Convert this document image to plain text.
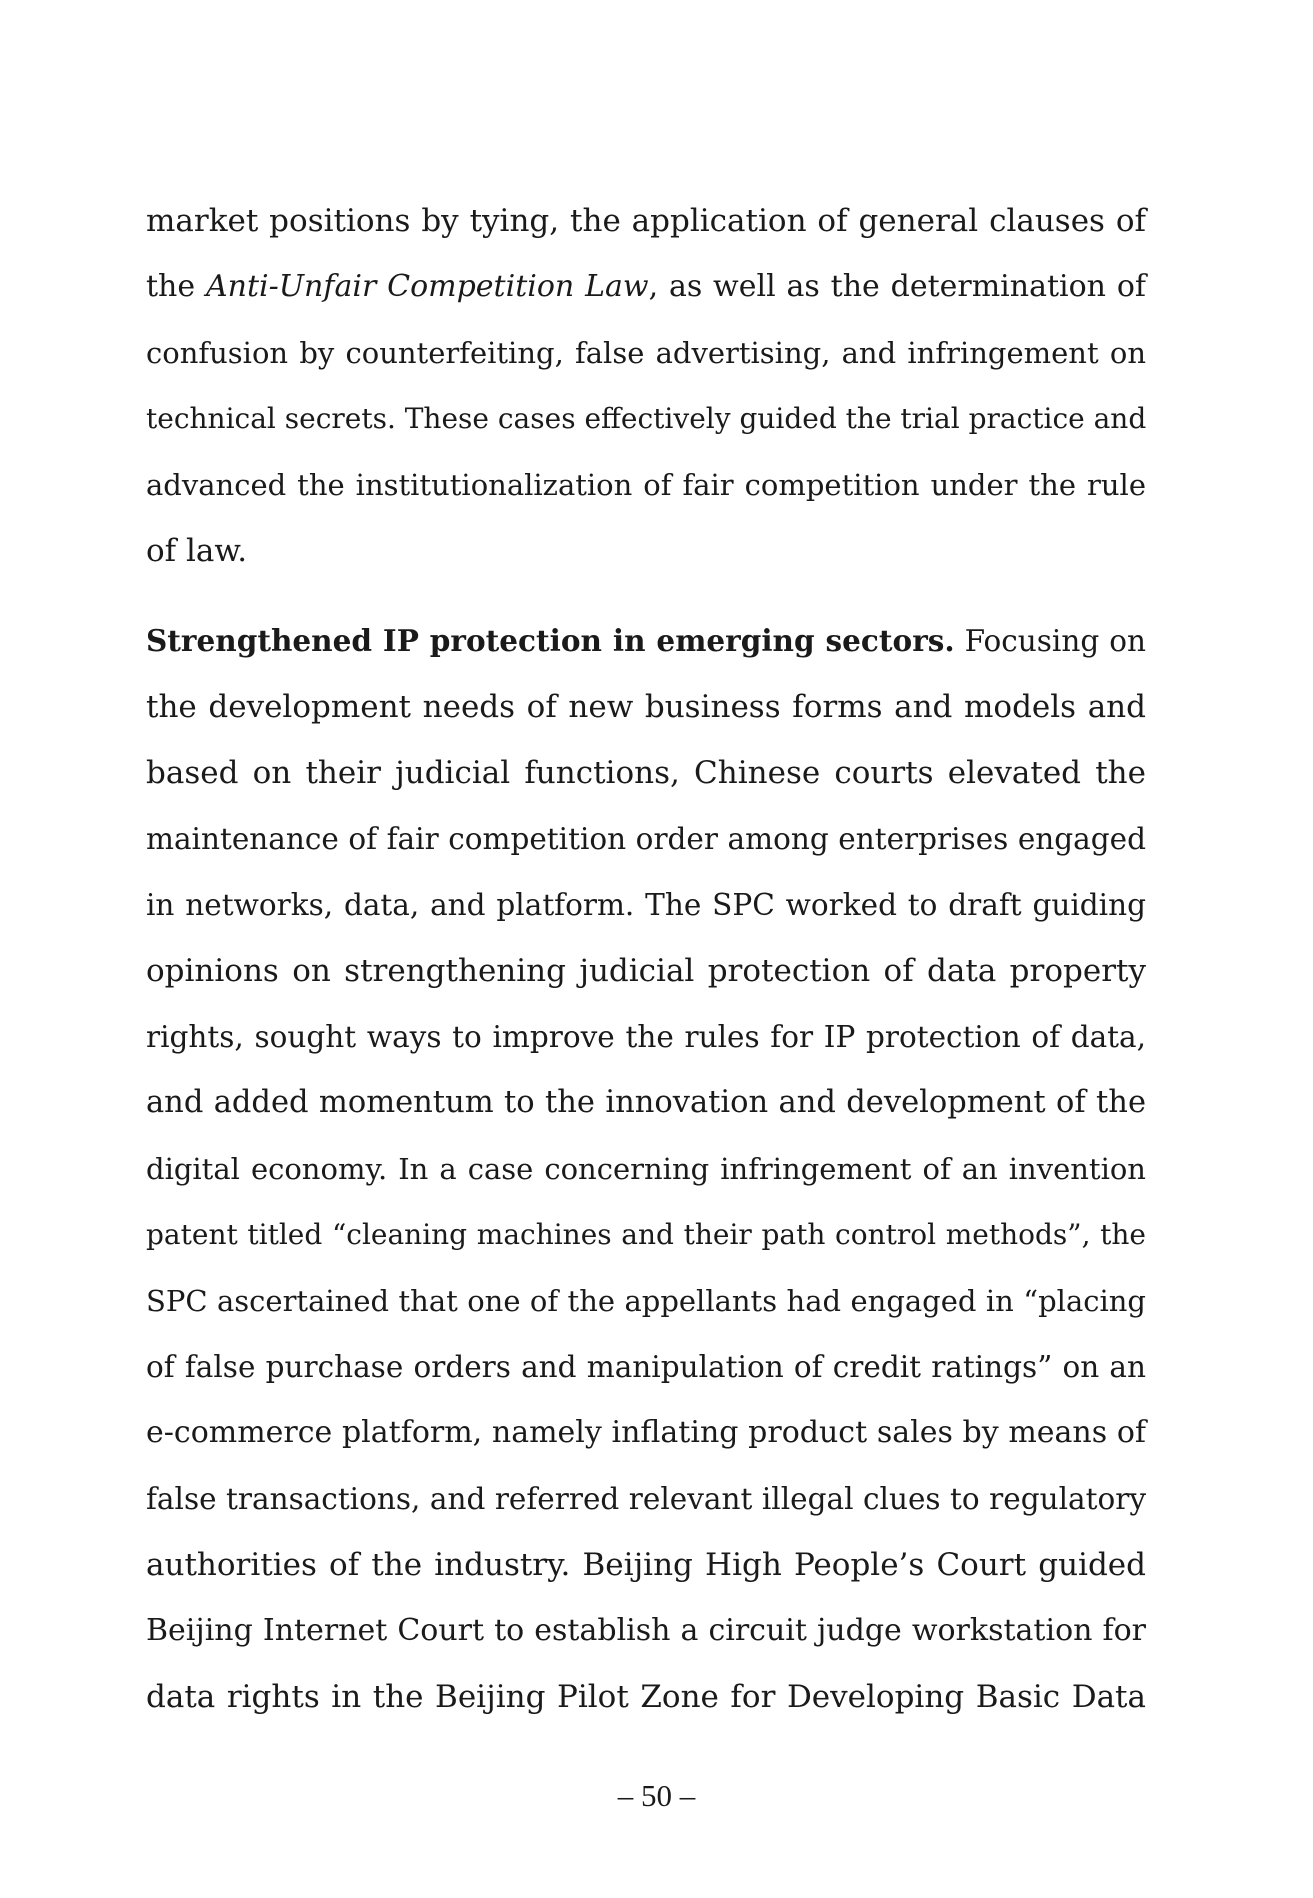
market positions by tying, the application of general clauses of
the Anti-Unfair Competition Law, as well as the determination of
confusion by counterfeiting, false advertising, and infringement on
technical secrets. These cases effectively guided the trial practice and
advanced the institutionalization of fair competition under the rule
of law.
Strengthened IP protection in emerging sectors. Focusing on
the development needs of new business forms and models and
based on their judicial functions, Chinese courts elevated the
maintenance of fair competition order among enterprises engaged
in networks, data, and platform. The SPC worked to draft guiding
opinions on strengthening judicial protection of data property
rights, sought ways to improve the rules for IP protection of data,
and added momentum to the innovation and development of the
digital economy. In a case concerning infringement of an invention
patent titled “cleaning machines and their path control methods”, the
SPC ascertained that one of the appellants had engaged in “placing
of false purchase orders and manipulation of credit ratings” on an
e-commerce platform, namely inflating product sales by means of
false transactions, and referred relevant illegal clues to regulatory
authorities of the industry. Beijing High People’s Court guided
Beijing Internet Court to establish a circuit judge workstation for
data rights in the Beijing Pilot Zone for Developing Basic Data
– 50 –
